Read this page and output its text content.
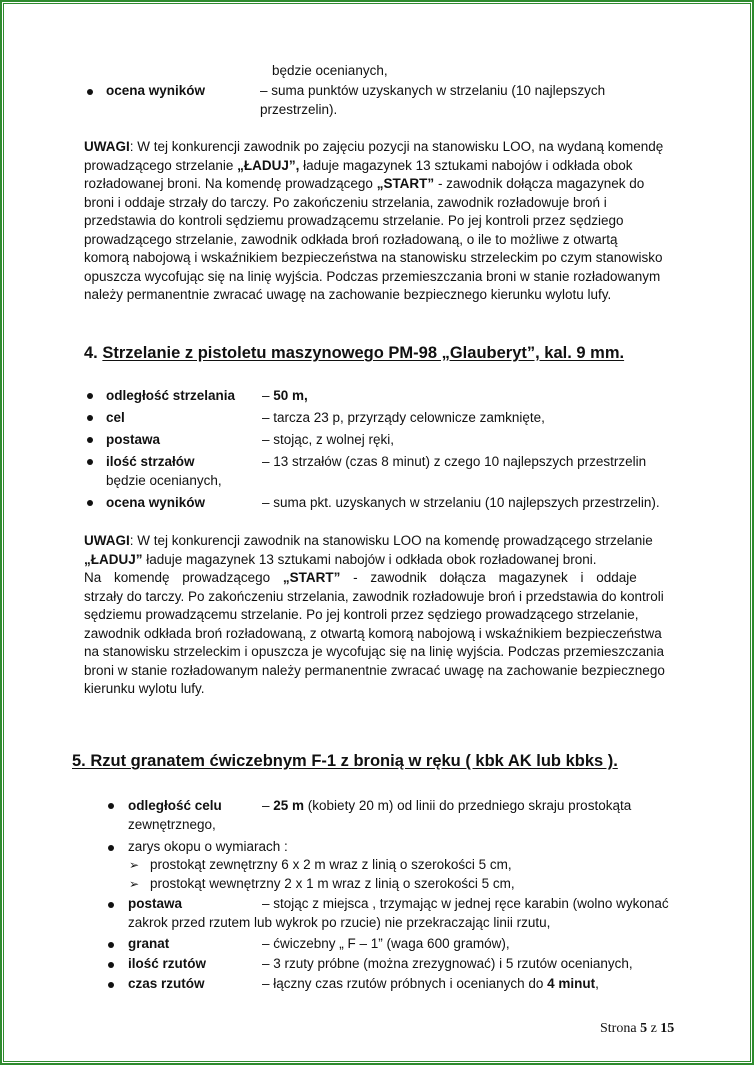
będzie ocenianych,
ocena wyników	– suma punktów uzyskanych w strzelaniu (10 najlepszych
przestrzelin).
UWAGI: W tej konkurencji zawodnik po zajęciu pozycji na stanowisku LOO, na wydaną komendę
prowadzącego strzelanie „ŁADUJ”, ładuje magazynek 13 sztukami nabojów i odkłada obok
rozładowanej broni. Na komendę prowadzącego „START” - zawodnik dołącza magazynek do
broni i oddaje strzały do tarczy. Po zakończeniu strzelania, zawodnik rozładowuje broń i
przedstawia do kontroli sędziemu prowadzącemu strzelanie. Po jej kontroli przez sędziego
prowadzącego strzelanie, zawodnik odkłada broń rozładowaną, o ile to możliwe z otwartą
komorą nabojową i wskaźnikiem bezpieczeństwa na stanowisku strzeleckim po czym stanowisko
opuszcza wycofując się na linię wyjścia. Podczas przemieszczania broni w stanie rozładowanym
należy permanentnie zwracać uwagę na zachowanie bezpiecznego kierunku wylotu lufy.
4. Strzelanie z pistoletu maszynowego PM-98 „Glauberyt”, kal. 9 mm.
odległość strzelania – 50 m,
cel	– tarcza 23 p, przyrządy celownicze zamknięte,
postawa	– stojąc, z wolnej ręki,
ilość strzałów	– 13 strzałów (czas 8 minut) z czego 10 najlepszych przestrzelin
będzie ocenianych,
ocena wyników	– suma pkt. uzyskanych w strzelaniu (10 najlepszych przestrzelin).
UWAGI: W tej konkurencji zawodnik na stanowisku LOO na komendę prowadzącego strzelanie
„ŁADUJ” ładuje magazynek 13 sztukami nabojów i odkłada obok rozładowanej broni.
Na komendę prowadzącego „START” - zawodnik dołącza magazynek i oddaje
strzały do tarczy. Po zakończeniu strzelania, zawodnik rozładowuje broń i przedstawia do kontroli
sędziemu prowadzącemu strzelanie. Po jej kontroli przez sędziego prowadzącego strzelanie,
zawodnik odkłada broń rozładowaną, z otwartą komorą nabojową i wskaźnikiem bezpieczeństwa
na stanowisku strzeleckim i opuszcza je wycofując się na linię wyjścia. Podczas przemieszczania
broni w stanie rozładowanym należy permanentnie zwracać uwagę na zachowanie bezpiecznego
kierunku wylotu lufy.
5. Rzut granatem ćwiczebnym F-1 z bronią w ręku ( kbk AK lub kbks ).
odległość celu	– 25 m (kobiety 20 m) od linii do przedniego skraju prostokąta
zewnętrznego,
zarys okopu o wymiarach :
➢ prostokąt zewnętrzny 6 x 2 m wraz z linią o szerokości 5 cm,
➢ prostokąt wewnętrzny 2 x 1 m wraz z linią o szerokości 5 cm,
postawa	– stojąc z miejsca , trzymając w jednej ręce karabin (wolno wykonać
zakrok przed rzutem lub wykrok po rzucie) nie przekraczając linii rzutu,
granat	– ćwiczebny „ F – 1” (waga 600 gramów),
ilość rzutów	– 3 rzuty próbne (można zrezygnować) i 5 rzutów ocenianych,
czas rzutów	– łączny czas rzutów próbnych i ocenianych do 4 minut,
Strona 5 z 15
